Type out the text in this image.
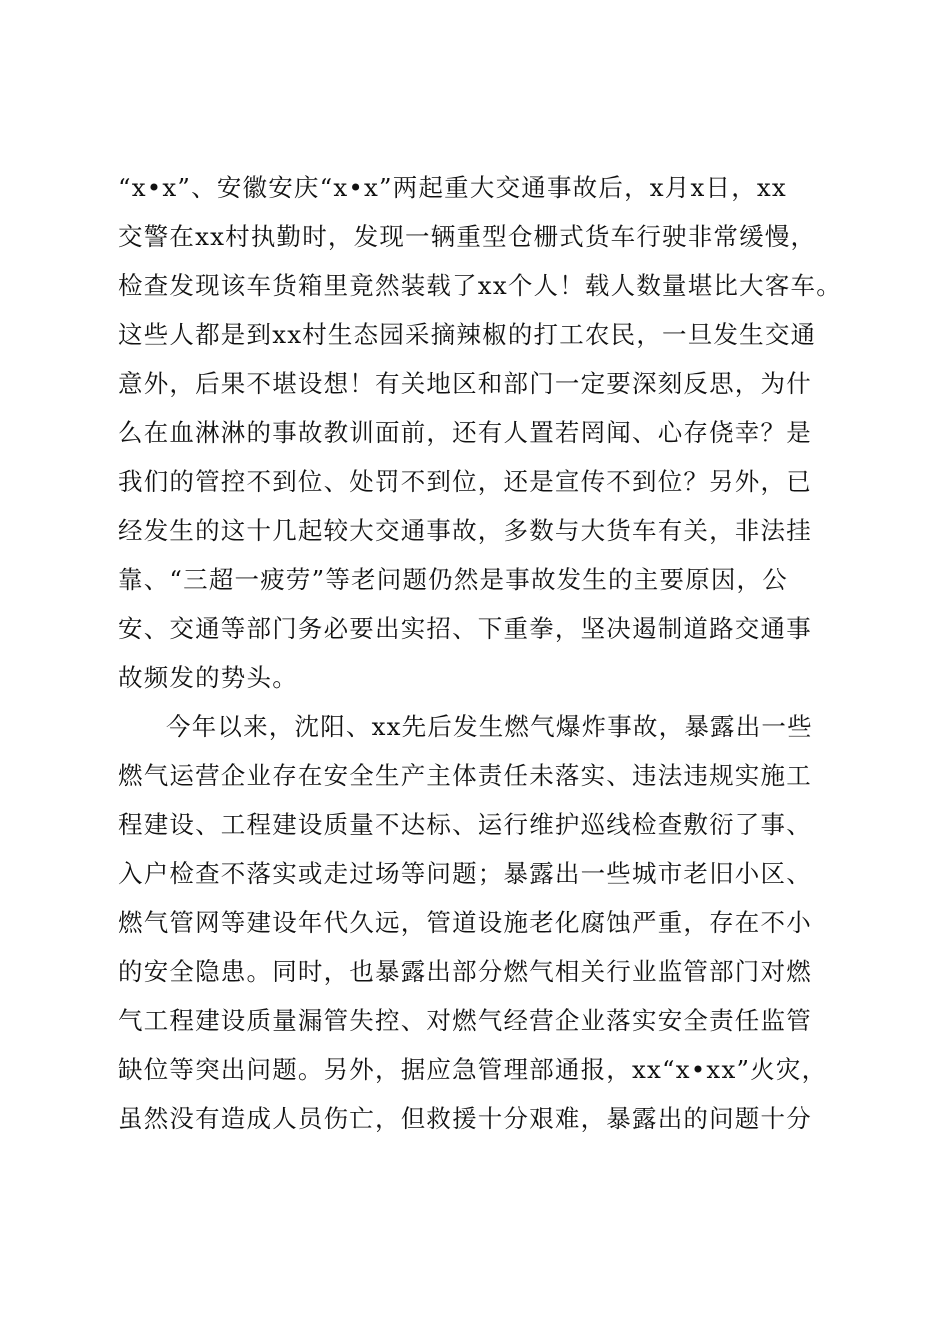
“x•x”、安徽安庆“x•x”两起重大交通事故后，x月x日，xx
交警在xx村执勤时，发现一辆重型仓栅式货车行驶非常缓慢，
检查发现该车货箱里竟然装载了xx个人！载人数量堪比大客车。
这些人都是到xx村生态园采摘辣椒的打工农民，一旦发生交通
意外，后果不堪设想！有关地区和部门一定要深刻反思，为什
么在血淋淋的事故教训面前，还有人置若罔闻、心存侥幸？是
我们的管控不到位、处罚不到位，还是宣传不到位？另外，已
经发生的这十几起较大交通事故，多数与大货车有关，非法挂
靠、“三超一疲劳”等老问题仍然是事故发生的主要原因，公
安、交通等部门务必要出实招、下重拳，坚决遏制道路交通事
故频发的势头。
今年以来，沈阳、xx先后发生燃气爆炸事故，暴露出一些
燃气运营企业存在安全生产主体责任未落实、违法违规实施工
程建设、工程建设质量不达标、运行维护巡线检查敷衍了事、
入户检查不落实或走过场等问题；暴露出一些城市老旧小区、
燃气管网等建设年代久远，管道设施老化腐蚀严重，存在不小
的安全隐患。同时，也暴露出部分燃气相关行业监管部门对燃
气工程建设质量漏管失控、对燃气经营企业落实安全责任监管
缺位等突出问题。另外，据应急管理部通报，xx“x•xx”火灾，
虽然没有造成人员伤亡，但救援十分艰难，暴露出的问题十分
